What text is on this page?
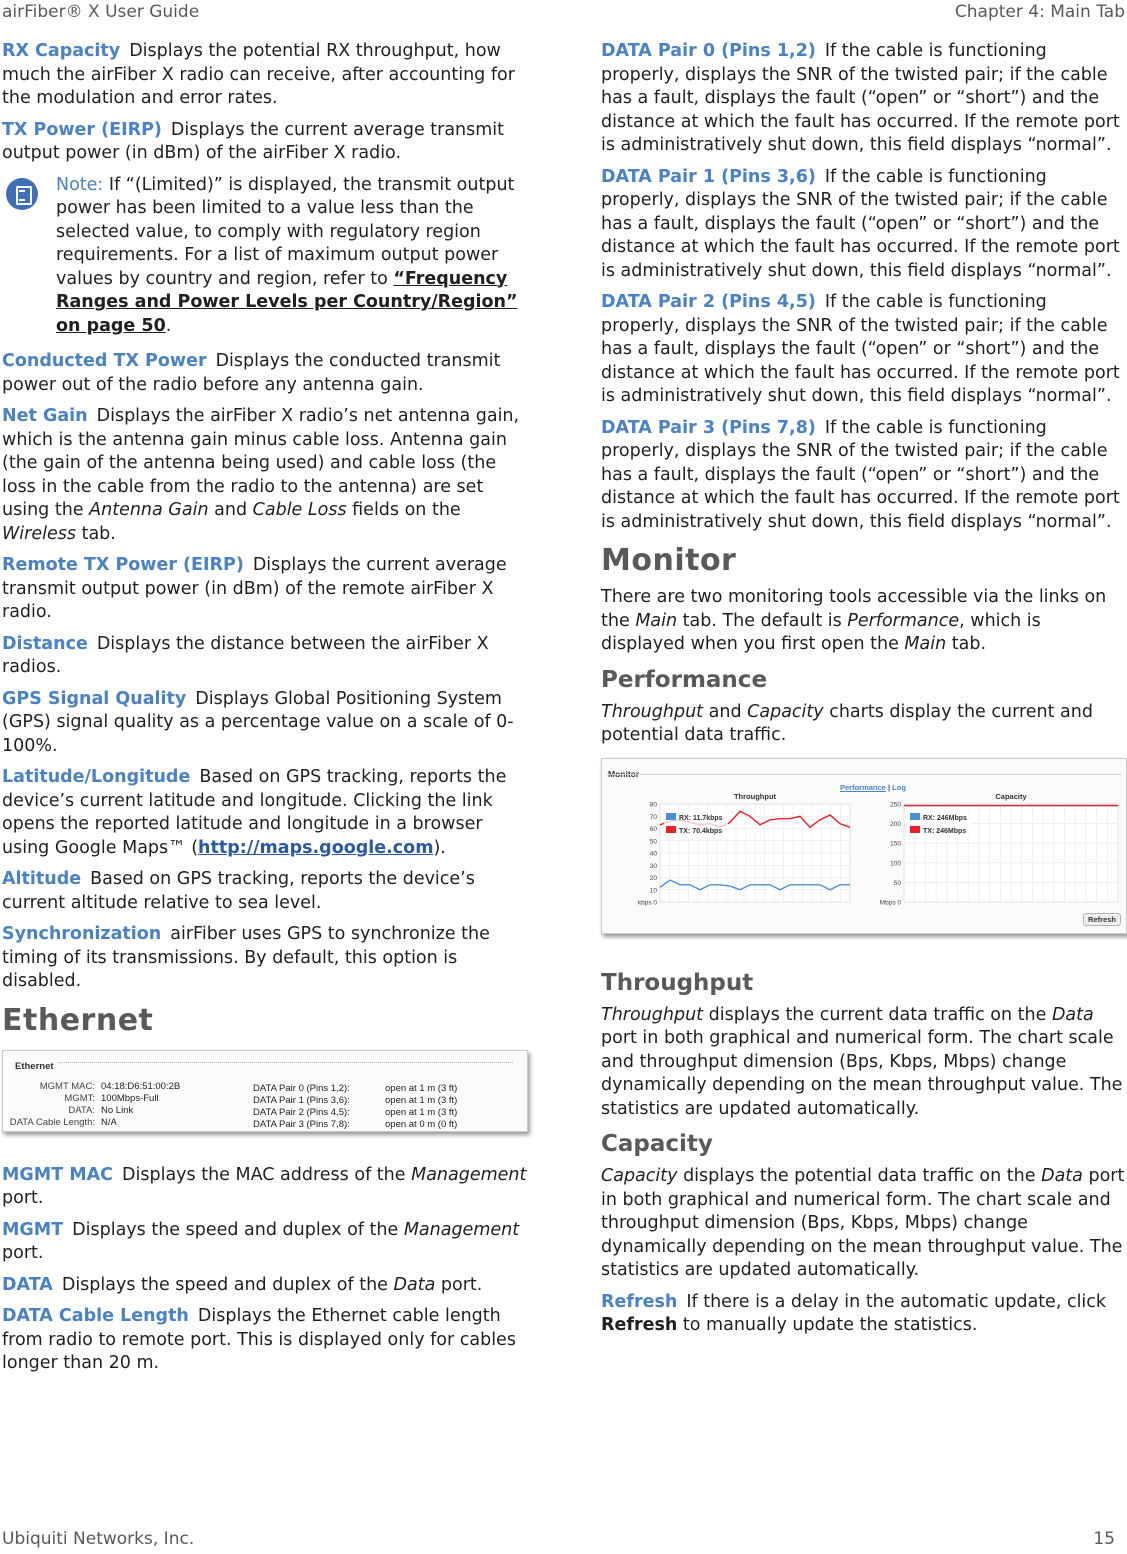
airFiber® X User Guide	Chapter 4: Main Tab

RX Capacity Displays the potential RX throughput, how much the airFiber X radio can receive, after accounting for the modulation and error rates.

TX Power (EIRP) Displays the current average transmit output power (in dBm) of the airFiber X radio.

Note: If “(Limited)” is displayed, the transmit output power has been limited to a value less than the selected value, to comply with regulatory region requirements. For a list of maximum output power values by country and region, refer to “Frequency Ranges and Power Levels per Country/Region” on page 50.

Conducted TX Power Displays the conducted transmit power out of the radio before any antenna gain.

Net Gain Displays the airFiber X radio’s net antenna gain, which is the antenna gain minus cable loss. Antenna gain (the gain of the antenna being used) and cable loss (the loss in the cable from the radio to the antenna) are set using the Antenna Gain and Cable Loss fields on the Wireless tab.

Remote TX Power (EIRP) Displays the current average transmit output power (in dBm) of the remote airFiber X radio.

Distance Displays the distance between the airFiber X radios.

GPS Signal Quality Displays Global Positioning System (GPS) signal quality as a percentage value on a scale of 0-100%.

Latitude/Longitude Based on GPS tracking, reports the device’s current latitude and longitude. Clicking the link opens the reported latitude and longitude in a browser using Google Maps™ (http://maps.google.com).

Altitude Based on GPS tracking, reports the device’s current altitude relative to sea level.

Synchronization airFiber uses GPS to synchronize the timing of its transmissions. By default, this option is disabled.

Ethernet
Ethernet
MGMT MAC: 04:18:D6:51:00:2B
MGMT: 100Mbps-Full
DATA: No Link
DATA Cable Length: N/A
DATA Pair 0 (Pins 1,2):	open at 1 m (3 ft)
DATA Pair 1 (Pins 3,6):	open at 1 m (3 ft)
DATA Pair 2 (Pins 4,5):	open at 1 m (3 ft)
DATA Pair 3 (Pins 7,8):	open at 0 m (0 ft)

MGMT MAC Displays the MAC address of the Management port.

MGMT Displays the speed and duplex of the Management port.

DATA Displays the speed and duplex of the Data port.

DATA Cable Length Displays the Ethernet cable length from radio to remote port. This is displayed only for cables longer than 20 m.

DATA Pair 0 (Pins 1,2) If the cable is functioning properly, displays the SNR of the twisted pair; if the cable has a fault, displays the fault (“open” or “short”) and the distance at which the fault has occurred. If the remote port is administratively shut down, this field displays “normal”.

DATA Pair 1 (Pins 3,6) If the cable is functioning properly, displays the SNR of the twisted pair; if the cable has a fault, displays the fault (“open” or “short”) and the distance at which the fault has occurred. If the remote port is administratively shut down, this field displays “normal”.

DATA Pair 2 (Pins 4,5) If the cable is functioning properly, displays the SNR of the twisted pair; if the cable has a fault, displays the fault (“open” or “short”) and the distance at which the fault has occurred. If the remote port is administratively shut down, this field displays “normal”.

DATA Pair 3 (Pins 7,8) If the cable is functioning properly, displays the SNR of the twisted pair; if the cable has a fault, displays the fault (“open” or “short”) and the distance at which the fault has occurred. If the remote port is administratively shut down, this field displays “normal”.

Monitor

There are two monitoring tools accessible via the links on the Main tab. The default is Performance, which is displayed when you first open the Main tab.

Performance

Throughput and Capacity charts display the current and potential data traffic.

Monitor
Performance | Log
kbps 0
10
20
30
40
50
60
70
80
Throughput
RX: 11.7kbps
TX: 70.4kbps
Mbps 0
50
100
150
200
250
Capacity
RX: 246Mbps
TX: 246Mbps
Refresh
Throughput

Throughput displays the current data traffic on the Data port in both graphical and numerical form. The chart scale and throughput dimension (Bps, Kbps, Mbps) change dynamically depending on the mean throughput value. The statistics are updated automatically.

Capacity

Capacity displays the potential data traffic on the Data port in both graphical and numerical form. The chart scale and throughput dimension (Bps, Kbps, Mbps) change dynamically depending on the mean throughput value. The statistics are updated automatically.

Refresh If there is a delay in the automatic update, click Refresh to manually update the statistics.

Ubiquiti Networks, Inc.	15
